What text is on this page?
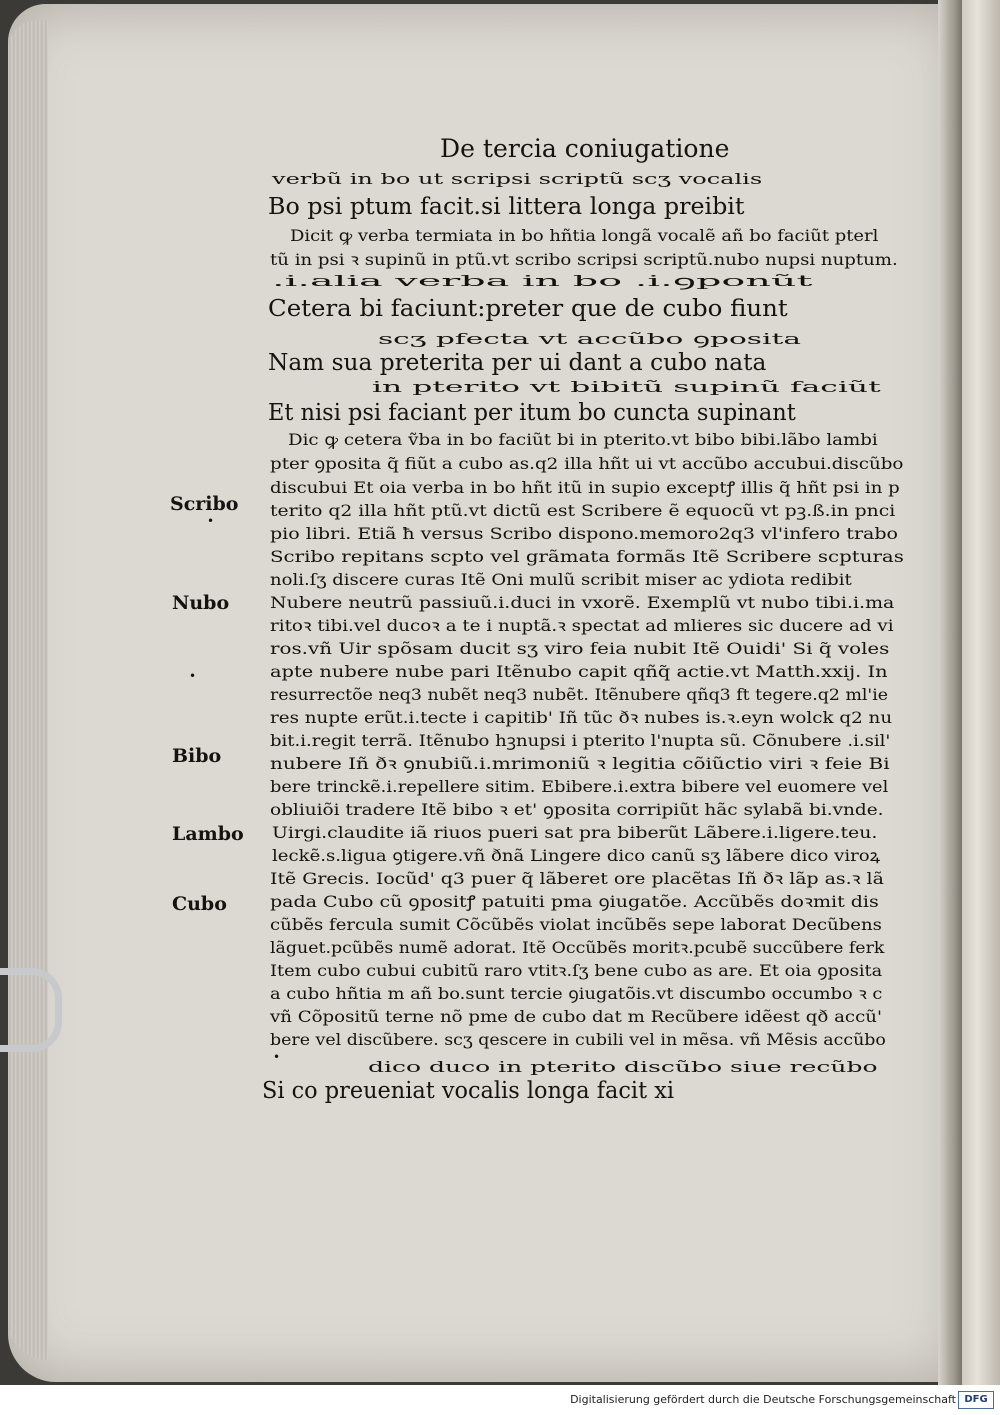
De tercia coniugatione
verbũ in bo ut scripsi scriptũ scʒ vocalis
Bo psi ptum facit.si littera longa preibit
Dicit ꝙ verba termiata in bo hñtia longã vocalẽ añ bo faciũt pterl
tũ in psi ꝛ supinũ in ptũ.vt scribo scripsi scriptũ.nubo nupsi nuptum.
.i.alia verba in bo .i.ꝯponũt
Cetera bi faciunt:preter que de cubo fiunt
scʒ pfecta vt accũbo ꝯposita
Nam sua preterita per ui dant a cubo nata
in pterito vt bibitũ supinũ faciũt
Et nisi psi faciant per itum bo cuncta supinant
Dic ꝙ cetera ṽba in bo faciũt bi in pterito.vt bibo bibi.lãbo lambi
pter ꝯposita q̃ fiũt a cubo as.q2 illa hñt ui vt accũbo accubui.discũbo
discubui Et oia verba in bo hñt itũ in supio exceptꝭ illis q̃ hñt psi in p
terito q2 illa hñt ptũ.vt dictũ est Scribere ẽ equocũ vt pꝫ.ß.in pnci
pio libri. Etiã ħ versus Scribo dispono.memoro2q3 vl'infero trabo
Scribo repitans scpto vel grãmata formãs Itẽ Scribere scpturas
noli.ſʒ discere curas Itẽ Oni mulũ scribit miser ac ydiota redibit
Nubere neutrũ passiuũ.i.duci in vxorẽ. Exemplũ vt nubo tibi.i.ma
ritoꝛ tibi.vel ducoꝛ a te i nuptã.ꝛ spectat ad mlieres sic ducere ad vi
ros.vñ Uir spõsam ducit sʒ viro feia nubit Itẽ Ouidi' Si q̃ voles
apte nubere nube pari Itẽnubo capit qñq̃ actie.vt Matth.xxij. In
resurrectõe neq3 nubẽt neq3 nubẽt. Itẽnubere qñq3 ft tegere.q2 ml'ie
res nupte erũt.i.tecte i capitib' Iñ tũc ðꝛ nubes is.ꝛ.eyn wolck q2 nu
bit.i.regit terrã. Itẽnubo hꝫnupsi i pterito l'nupta sũ. Cõnubere .i.sil'
nubere Iñ ðꝛ ꝯnubiũ.i.mrimoniũ ꝛ legitia cõiũctio viri ꝛ feie Bi
bere trinckẽ.i.repellere sitim. Ebibere.i.extra bibere vel euomere vel
obliuiõi tradere Itẽ bibo ꝛ et' ꝯposita corripiũt hãc sylabã bi.vnde.
Uirgi.claudite iã riuos pueri sat pra biberũt Lãbere.i.ligere.teu.
leckẽ.s.ligua ꝯtigere.vñ ðnã Lingere dico canũ sʒ lãbere dico viroꝝ
Itẽ Grecis. Iocũd' q3 puer q̃ lãberet ore placẽtas Iñ ðꝛ lãp as.ꝛ lã
pada Cubo cũ ꝯpositꝭ patuiti pma ꝯiugatõe. Accũbẽs doꝛmit dis
cũbẽs fercula sumit Cõcũbẽs violat incũbẽs sepe laborat Decũbens
lãguet.pcũbẽs numẽ adorat. Itẽ Occũbẽs moritꝛ.pcubẽ succũbere ferk
Item cubo cubui cubitũ raro vtitꝛ.ſʒ bene cubo as are. Et oia ꝯposita
a cubo hñtia m añ bo.sunt tercie ꝯiugatõis.vt discumbo occumbo ꝛ c
vñ Cõpositũ terne nõ pme de cubo dat m Recũbere idẽest qð accũ'
bere vel discũbere. scʒ qescere in cubili vel in mẽsa. vñ Mẽsis accũbo
dico duco in pterito discũbo siue recũbo
Si co preueniat vocalis longa facit xi
Scribo
•
Nubo
•
Bibo
Lambo
Cubo
•
Digitalisierung gefördert durch die Deutsche Forschungsgemeinschaft DFG
